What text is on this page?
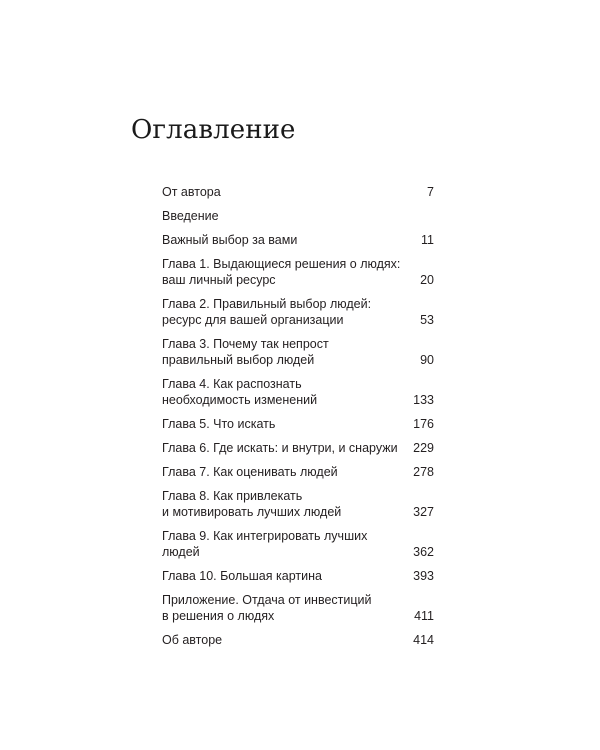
Оглавление
От автора	7
Введение
Важный выбор за вами	11
Глава 1. Выдающиеся решения о людях:
ваш личный ресурс	20
Глава 2. Правильный выбор людей:
ресурс для вашей организации	53
Глава 3. Почему так непрост
правильный выбор людей	90
Глава 4. Как распознать
необходимость изменений	133
Глава 5. Что искать	176
Глава 6. Где искать: и внутри, и снаружи	229
Глава 7. Как оценивать людей	278
Глава 8. Как привлекать
и мотивировать лучших людей	327
Глава 9. Как интегрировать лучших людей	362
Глава 10. Большая картина	393
Приложение. Отдача от инвестиций
в решения о людях	411
Об авторе	414
